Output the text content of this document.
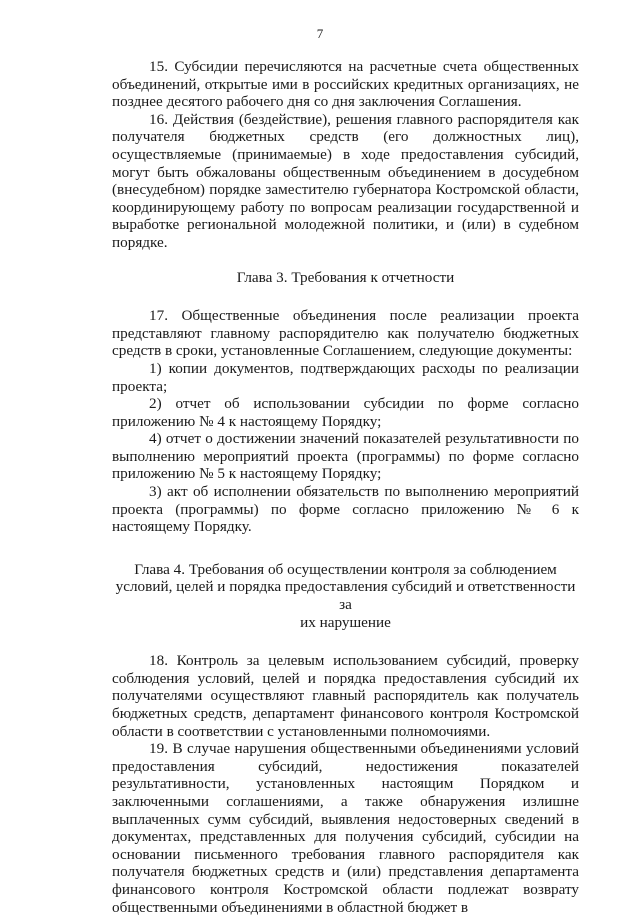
7

15. Субсидии перечисляются на расчетные счета общественных объединений, открытые ими в российских кредитных организациях, не позднее десятого рабочего дня со дня заключения Соглашения.

16. Действия (бездействие), решения главного распорядителя как получателя бюджетных средств (его должностных лиц), осуществляемые (принимаемые) в ходе предоставления субсидий, могут быть обжалованы общественным объединением в досудебном (внесудебном) порядке заместителю губернатора Костромской области, координирующему работу по вопросам реализации государственной и выработке региональной молодежной политики, и (или) в судебном порядке.

Глава 3. Требования к отчетности

17. Общественные объединения после реализации проекта представляют главному распорядителю как получателю бюджетных средств в сроки, установленные Соглашением, следующие документы:

1) копии документов, подтверждающих расходы по реализации проекта;

2) отчет об использовании субсидии по форме согласно приложению № 4 к настоящему Порядку;

4) отчет о достижении значений показателей результативности по выполнению мероприятий проекта (программы) по форме согласно приложению № 5 к настоящему Порядку;

3) акт об исполнении обязательств по выполнению мероприятий проекта (программы) по форме согласно приложению № 6 к настоящему Порядку.

Глава 4. Требования об осуществлении контроля за соблюдением
условий, целей и порядка предоставления субсидий и ответственности за
их нарушение

18. Контроль за целевым использованием субсидий, проверку соблюдения условий, целей и порядка предоставления субсидий их получателями осуществляют главный распорядитель как получатель бюджетных средств, департамент финансового контроля Костромской области в соответствии с установленными полномочиями.

19. В случае нарушения общественными объединениями условий предоставления субсидий, недостижения показателей результативности, установленных настоящим Порядком и заключенными соглашениями, а также обнаружения излишне выплаченных сумм субсидий, выявления недостоверных сведений в документах, представленных для получения субсидий, субсидии на основании письменного требования главного распорядителя как получателя бюджетных средств и (или) представления департамента финансового контроля Костромской области подлежат возврату общественными объединениями в областной бюджет в
